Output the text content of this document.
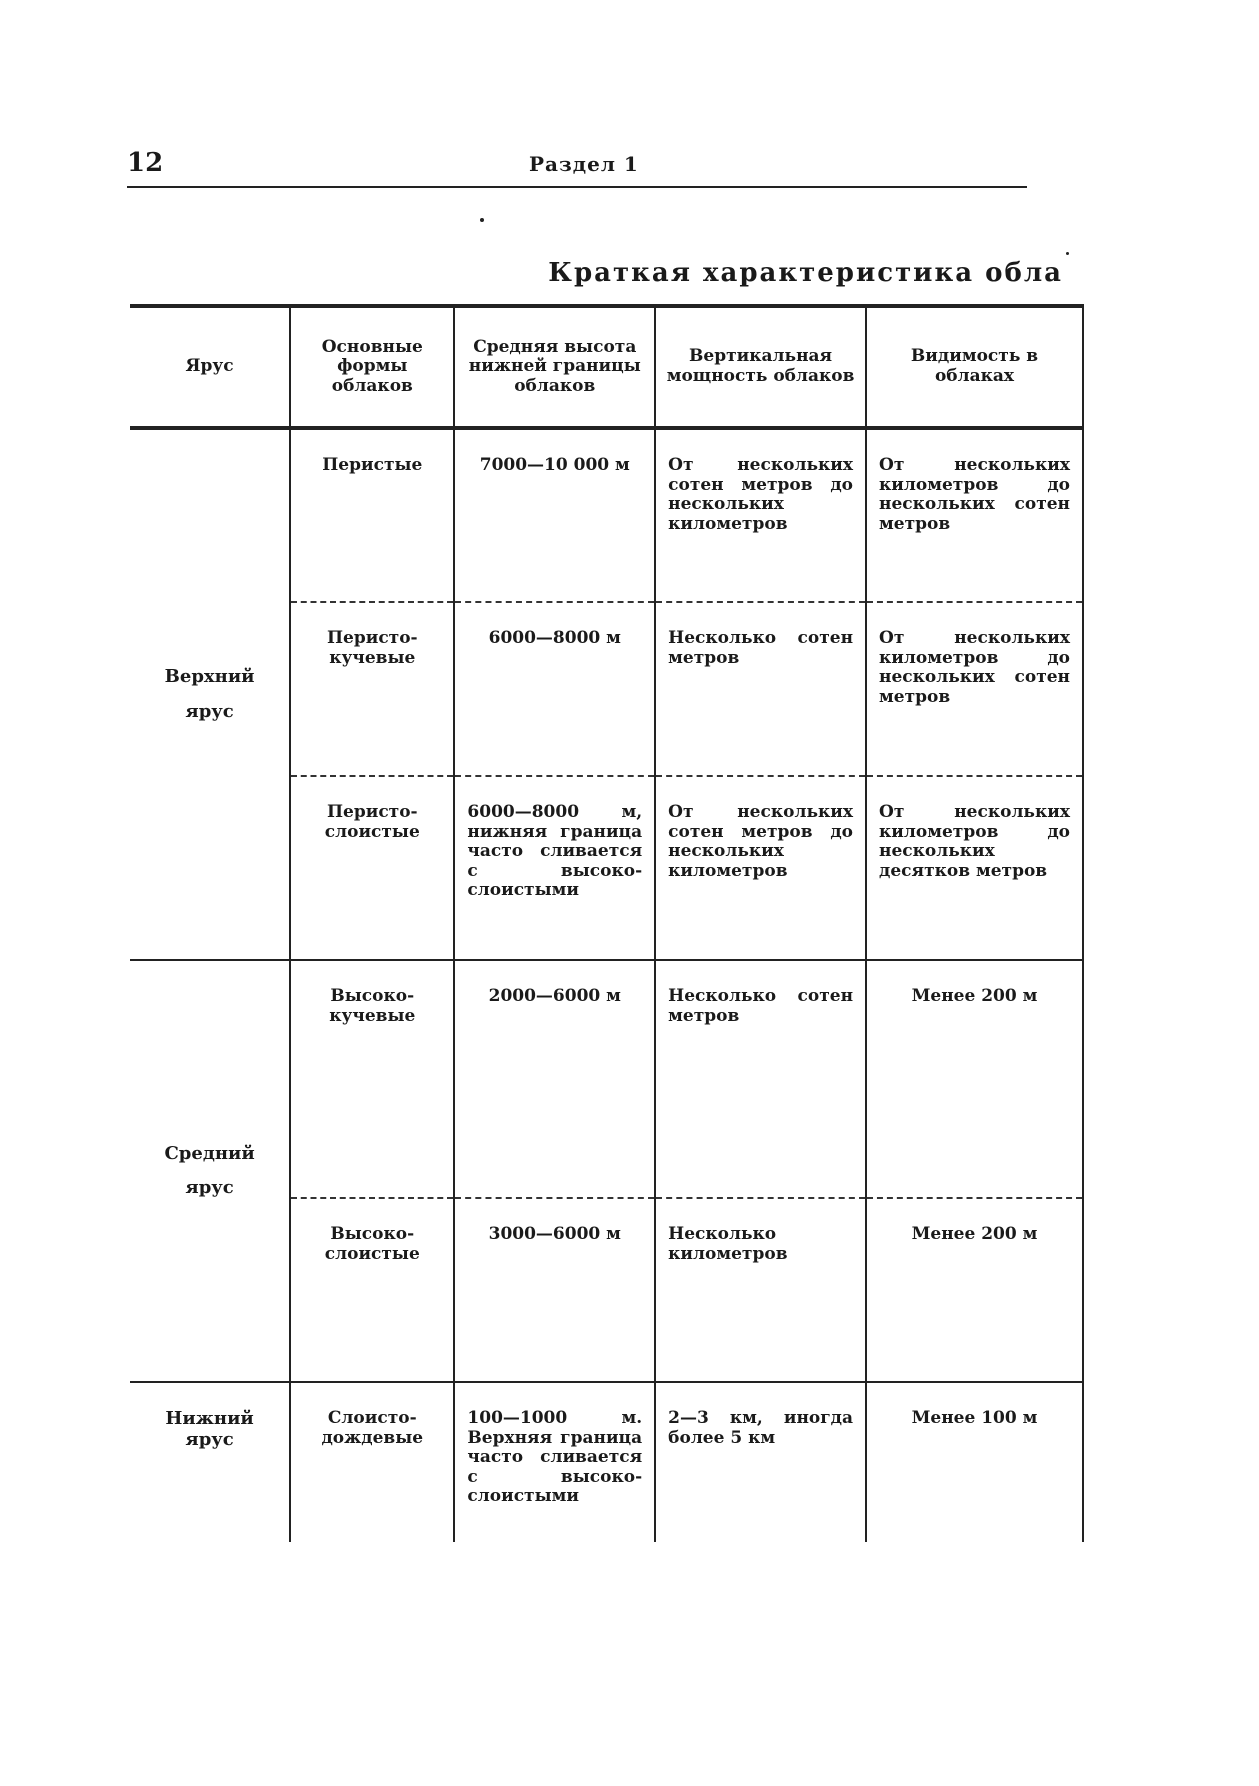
12	Раздел 1
Краткая характеристика обла
Ярус	Основные формы облаков	Средняя высота нижней границы облаков	Вертикальная мощность облаков	Видимость в облаках
Верхний ярус	Перистые	7000—10 000 м	От нескольких сотен метров до нескольких километров	От нескольких километров до нескольких сотен метров
	Перисто-кучевые	6000—8000 м	Несколько сотен метров	От нескольких километров до нескольких сотен метров
	Перисто-слоистые	6000—8000 м, нижняя граница часто сливается с высоко-слоистыми	От нескольких сотен метров до нескольких километров	От нескольких километров до нескольких десятков метров
Средний ярус	Высоко-кучевые	2000—6000 м	Несколько сотен метров	Менее 200 м
	Высоко-слоистые	3000—6000 м	Несколько километров	Менее 200 м
Нижний ярус	Слоисто-дождевые	100—1000 м. Верхняя граница часто сливается с высоко-слоистыми	2—3 км, иногда более 5 км	Менее 100 м
